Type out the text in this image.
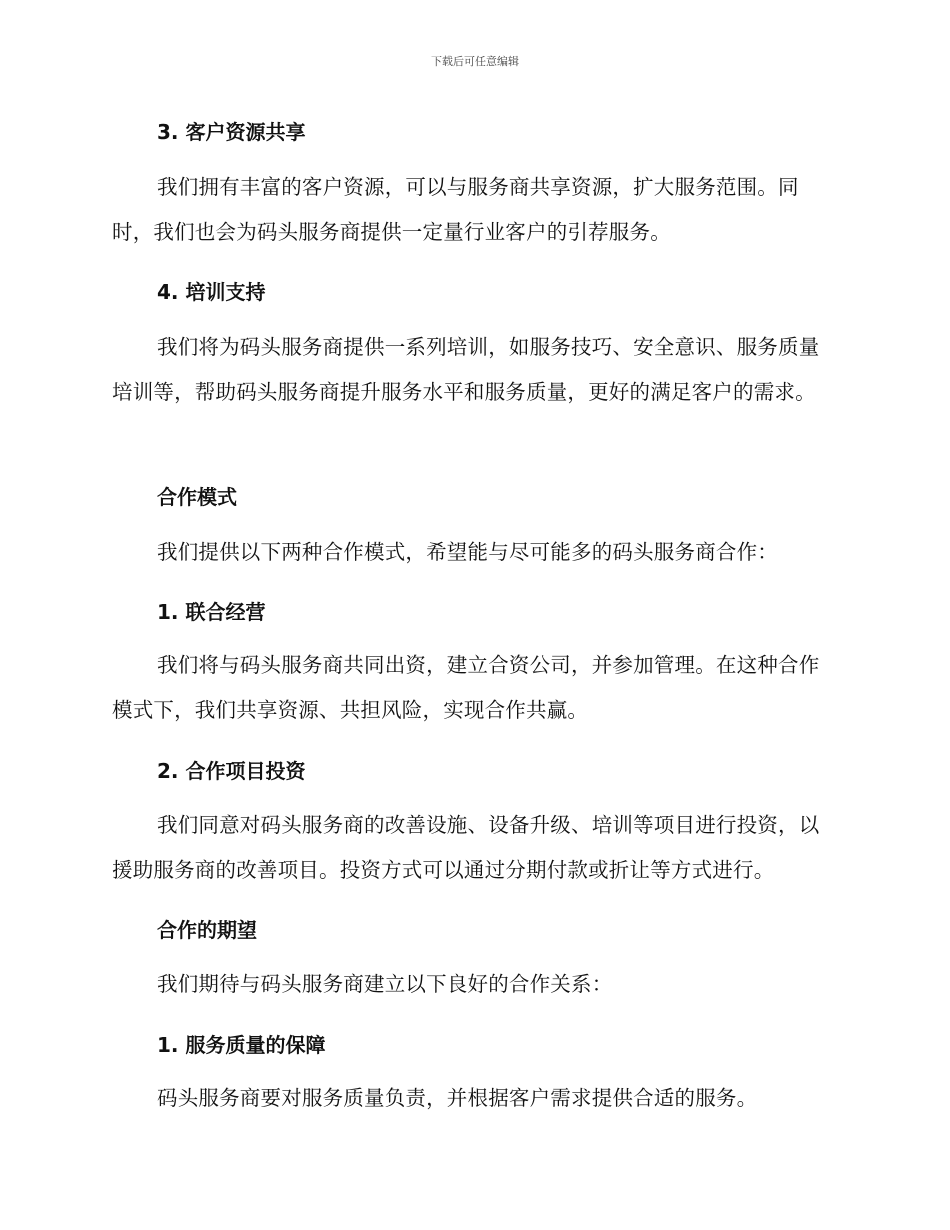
下载后可任意编辑
3. 客户资源共享
我们拥有丰富的客户资源，可以与服务商共享资源，扩大服务范围。同时，我们也会为码头服务商提供一定量行业客户的引荐服务。
4. 培训支持
我们将为码头服务商提供一系列培训，如服务技巧、安全意识、服务质量培训等，帮助码头服务商提升服务水平和服务质量，更好的满足客户的需求。
合作模式
我们提供以下两种合作模式，希望能与尽可能多的码头服务商合作：
1. 联合经营
我们将与码头服务商共同出资，建立合资公司，并参加管理。在这种合作模式下，我们共享资源、共担风险，实现合作共赢。
2. 合作项目投资
我们同意对码头服务商的改善设施、设备升级、培训等项目进行投资，以援助服务商的改善项目。投资方式可以通过分期付款或折让等方式进行。
合作的期望
我们期待与码头服务商建立以下良好的合作关系：
1. 服务质量的保障
码头服务商要对服务质量负责，并根据客户需求提供合适的服务。
